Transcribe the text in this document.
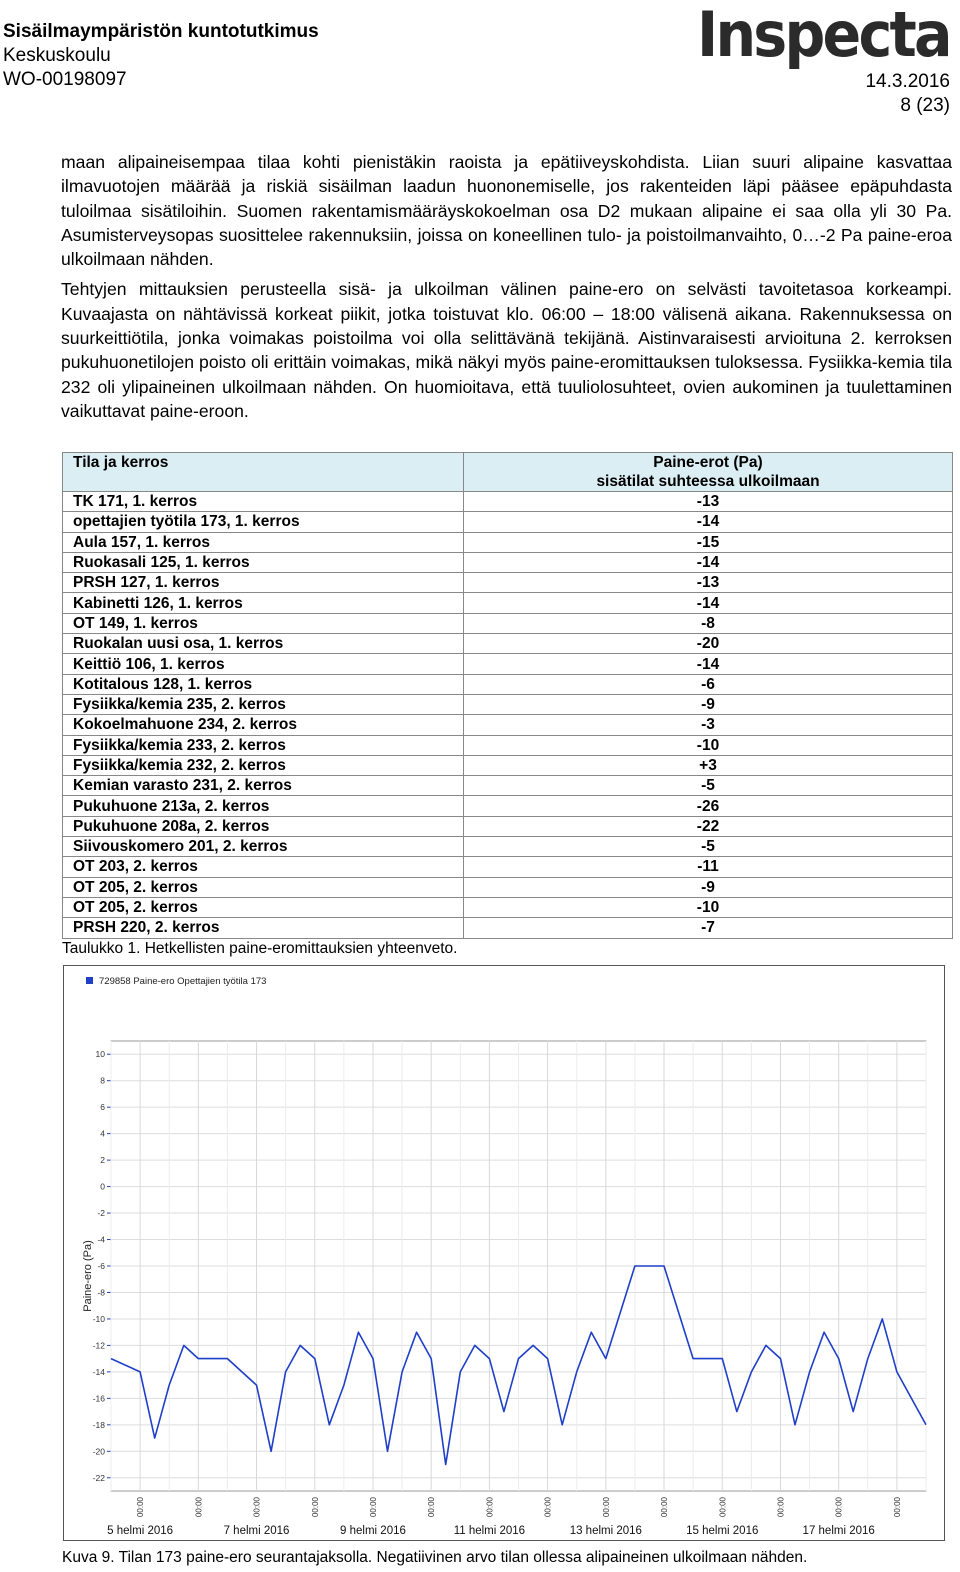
Sisäilmaympäristön kuntotutkimus
Keskuskoulu
WO-00198097
Inspecta
14.3.2016
8 (23)

maan alipaineisempaa tilaa kohti pienistäkin raoista ja epätiiveyskohdista. Liian suuri alipaine kasvattaa ilmavuotojen määrää ja riskiä sisäilman laadun huononemiselle, jos rakenteiden läpi pääsee epäpuhdasta tuloilmaa sisätiloihin. Suomen rakentamismääräyskokoelman osa D2 mukaan alipaine ei saa olla yli 30 Pa. Asumisterveysopas suosittelee rakennuksiin, joissa on koneellinen tulo- ja poistoilmanvaihto, 0…-2 Pa paine-eroa ulkoilmaan nähden.

Tehtyjen mittauksien perusteella sisä- ja ulkoilman välinen paine-ero on selvästi tavoitetasoa korkeampi. Kuvaajasta on nähtävissä korkeat piikit, jotka toistuvat klo. 06:00 – 18:00 välisenä aikana. Rakennuksessa on suurkeittiötila, jonka voimakas poistoilma voi olla selittävänä tekijänä. Aistinvaraisesti arvioituna 2. kerroksen pukuhuonetilojen poisto oli erittäin voimakas, mikä näkyi myös paine-eromittauksen tuloksessa. Fysiikka-kemia tila 232 oli ylipaineinen ulkoilmaan nähden. On huomioitava, että tuuliolosuhteet, ovien aukominen ja tuulettaminen vaikuttavat paine-eroon.

Tila ja kerros	Paine-erot (Pa)
sisätilat suhteessa ulkoilmaan
TK 171, 1. kerros	-13
opettajien työtila 173, 1. kerros	-14
Aula 157, 1. kerros	-15
Ruokasali 125, 1. kerros	-14
PRSH 127, 1. kerros	-13
Kabinetti 126, 1. kerros	-14
OT 149, 1. kerros	-8
Ruokalan uusi osa, 1. kerros	-20
Keittiö 106, 1. kerros	-14
Kotitalous 128, 1. kerros	-6
Fysiikka/kemia 235, 2. kerros	-9
Kokoelmahuone 234, 2. kerros	-3
Fysiikka/kemia 233, 2. kerros	-10
Fysiikka/kemia 232, 2. kerros	+3
Kemian varasto 231, 2. kerros	-5
Pukuhuone 213a, 2. kerros	-26
Pukuhuone 208a, 2. kerros	-22
Siivouskomero 201, 2. kerros	-5
OT 203, 2. kerros	-11
OT 205, 2. kerros	-9
OT 205, 2. kerros	-10
PRSH 220, 2. kerros	-7
Taulukko 1. Hetkellisten paine-eromittauksien yhteenveto.
729858 Paine-ero Opettajien työtila 173
10
8
6
4
2
0
-2
-4
-6
-8
-10
-12
-14
-16
-18
-20
-22
Paine-ero (Pa)
00:00	00:00	00:00	00:00	00:00	00:00	00:00	00:00	00:00	00:00	00:00	00:00	00:00	00:00
5 helmi 2016	7 helmi 2016	9 helmi 2016	11 helmi 2016	13 helmi 2016	15 helmi 2016	17 helmi 2016
Kuva 9. Tilan 173 paine-ero seurantajaksolla. Negatiivinen arvo tilan ollessa alipaineinen ulkoilmaan nähden.
